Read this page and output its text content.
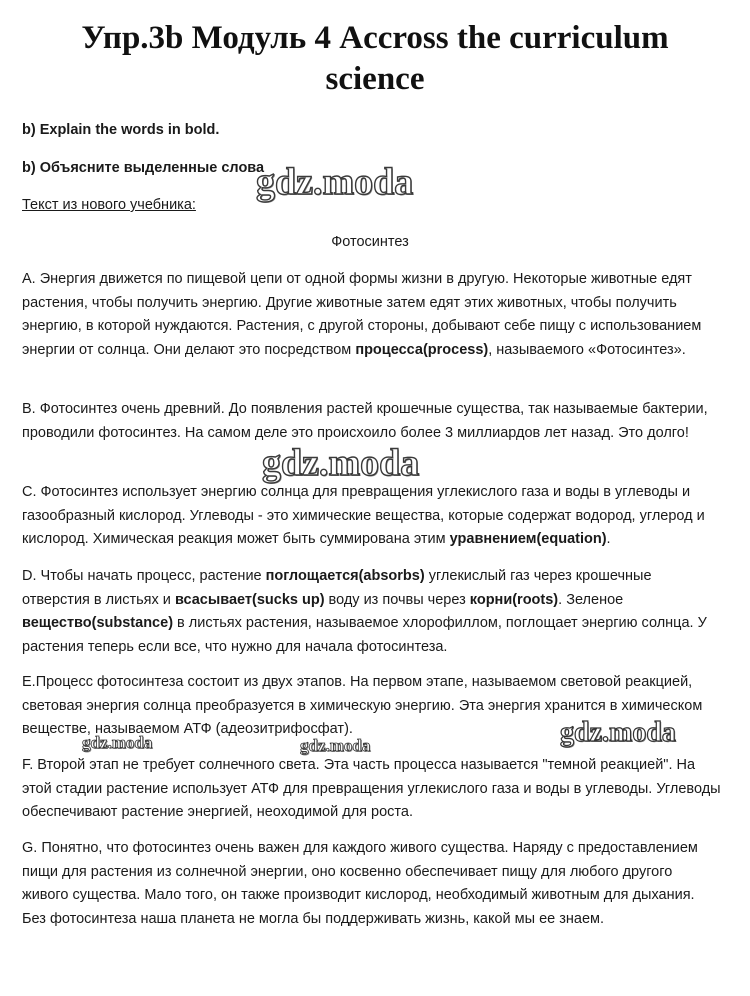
Упр.3b Модуль 4 Accross the curriculum
science
b) Explain the words in bold.
b) Объясните выделенные слова
Текст из нового учебника:
Фотосинтез
A. Энергия движется по пищевой цепи от одной формы жизни в другую. Некоторые животные едят растения, чтобы получить энергию. Другие животные затем едят этих животных, чтобы получить энергию, в которой нуждаются. Растения, с другой стороны, добывают себе пищу с использованием энергии от солнца. Они делают это посредством процесса(process), называемого «Фотосинтез».
B. Фотосинтез очень древний. До появления растей крошечные существа, так называемые бактерии, проводили фотосинтез. На самом деле это происхоило более 3 миллиардов лет назад. Это долго!
C. Фотосинтез использует энергию солнца для превращения углекислого газа и воды в углеводы и газообразный кислород. Углеводы - это химические вещества, которые содержат водород, углерод и кислород. Химическая реакция может быть суммирована этим уравнением(equation).
D. Чтобы начать процесс, растение поглощается(absorbs) углекислый газ через крошечные отверстия в листьях и всасывает(sucks up) воду из почвы через корни(roots). Зеленое вещество(substance) в листьях растения, называемое хлорофиллом, поглощает энергию солнца. У растения теперь если все, что нужно для начала фотосинтеза.
E.Процесс фотосинтеза состоит из двух этапов. На первом этапе, называемом световой реакцией, световая энергия солнца преобразуется в химическую энергию. Эта энергия хранится в химическом веществе, называемом АТФ (адеозитрифосфат).
F. Второй этап не требует солнечного света. Эта часть процесса называется "темной реакцией". На этой стадии растение использует АТФ для превращения углекислого газа и воды в углеводы. Углеводы обеспечивают растение энергией, неоходимой для роста.
G. Понятно, что фотосинтез очень важен для каждого живого существа. Наряду с предоставлением пищи для растения из солнечной энергии, оно косвенно обеспечивает пищу для любого другого живого существа. Мало того, он также производит кислород, необходимый животным для дыхания. Без фотосинтеза наша планета не могла бы поддерживать жизнь, какой мы ее знаем.
gdz.moda
gdz.moda
gdz.moda	gdz.moda	gdz.moda
